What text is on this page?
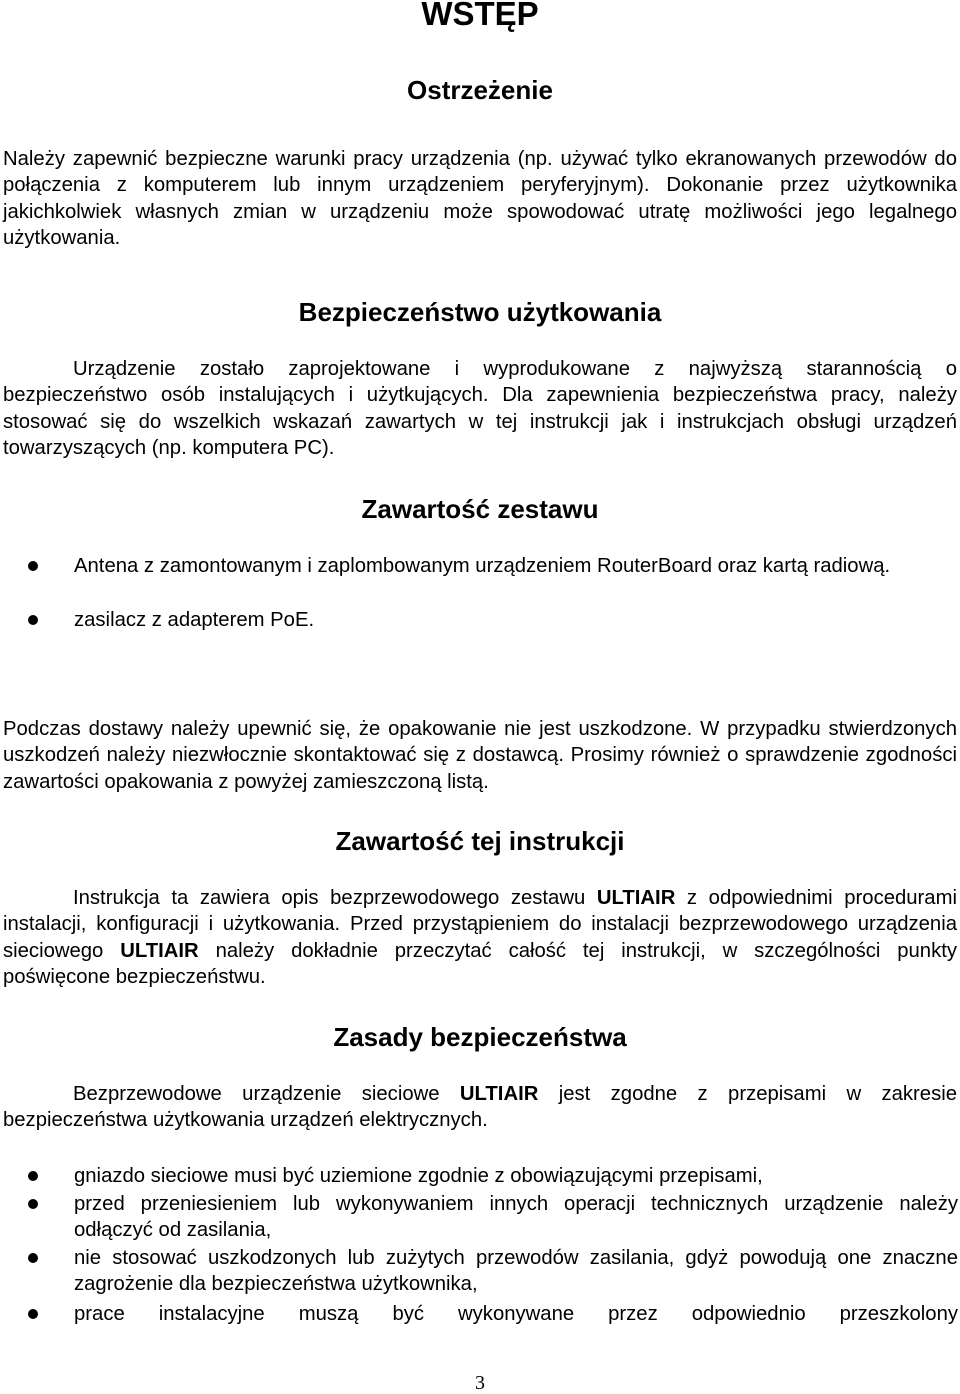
WSTĘP
Ostrzeżenie

Należy zapewnić bezpieczne warunki pracy urządzenia (np. używać tylko ekranowanych przewodów do połączenia z komputerem lub innym urządzeniem peryferyjnym). Dokonanie przez użytkownika jakichkolwiek własnych zmian w urządzeniu może spowodować utratę możliwości jego legalnego użytkowania.

Bezpieczeństwo użytkowania

Urządzenie zostało zaprojektowane i wyprodukowane z najwyższą starannością o bezpieczeństwo osób instalujących i użytkujących. Dla zapewnienia bezpieczeństwa pracy, należy stosować się do wszelkich wskazań zawartych w tej instrukcji jak i instrukcjach obsługi urządzeń towarzyszących (np. komputera PC).

Zawartość zestawu
Antena z zamontowanym i zaplombowanym urządzeniem RouterBoard oraz kartą radiową.
zasilacz z adapterem PoE.

Podczas dostawy należy upewnić się, że opakowanie nie jest uszkodzone. W przypadku stwierdzonych uszkodzeń należy niezwłocznie skontaktować się z dostawcą. Prosimy również o sprawdzenie zgodności zawartości opakowania z powyżej zamieszczoną listą.

Zawartość tej instrukcji

Instrukcja ta zawiera opis bezprzewodowego zestawu ULTIAIR z odpowiednimi procedurami instalacji, konfiguracji i użytkowania. Przed przystąpieniem do instalacji bezprzewodowego urządzenia sieciowego ULTIAIR należy dokładnie przeczytać całość tej instrukcji, w szczególności punkty poświęcone bezpieczeństwu.

Zasady bezpieczeństwa

Bezprzewodowe urządzenie sieciowe ULTIAIR jest zgodne z przepisami w zakresie bezpieczeństwa użytkowania urządzeń elektrycznych.

gniazdo sieciowe musi być uziemione zgodnie z obowiązującymi przepisami,
przed przeniesieniem lub wykonywaniem innych operacji technicznych urządzenie należy odłączyć od zasilania,
nie stosować uszkodzonych lub zużytych przewodów zasilania, gdyż powodują one znaczne zagrożenie dla bezpieczeństwa użytkownika,
prace instalacyjne muszą być wykonywane przez odpowiednio przeszkolony
3
